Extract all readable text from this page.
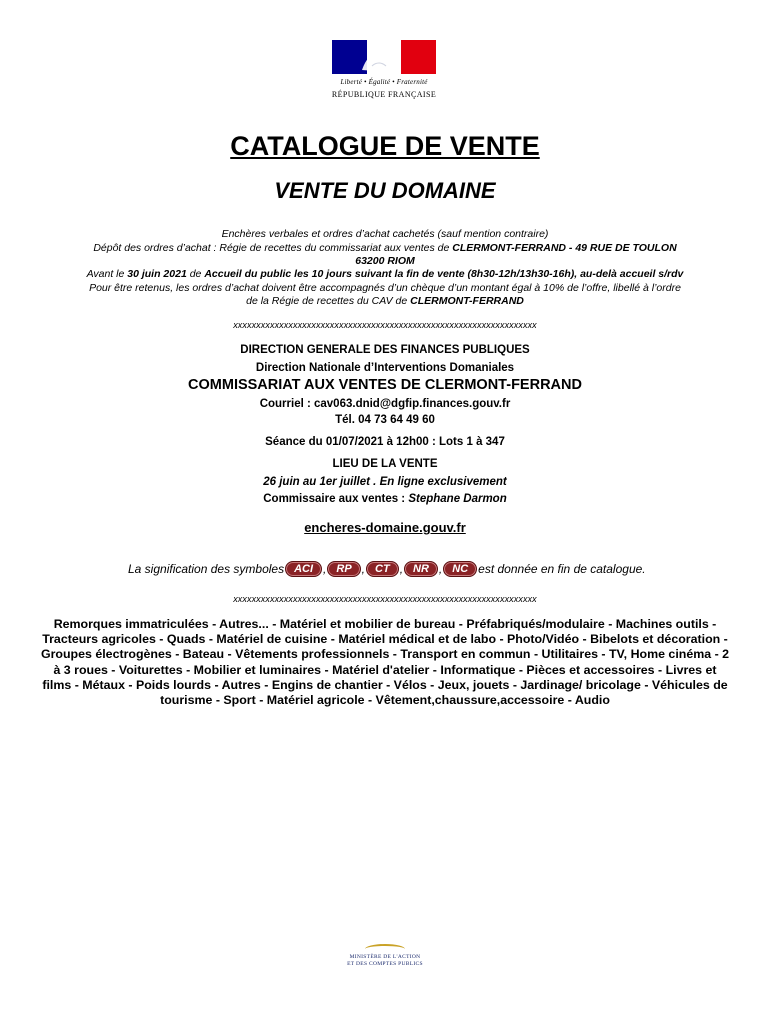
Liberté • Égalité • Fraternité
RÉPUBLIQUE FRANÇAISE
CATALOGUE DE VENTE
VENTE DU DOMAINE
Enchères verbales et ordres d’achat cachetés (sauf mention contraire)
Dépôt des ordres d’achat : Régie de recettes du commissariat aux ventes de CLERMONT-FERRAND - 49 RUE DE TOULON
63200 RIOM
Avant le 30 juin 2021 de Accueil du public les 10 jours suivant la fin de vente (8h30-12h/13h30-16h), au-delà accueil s/rdv
Pour être retenus, les ordres d’achat doivent être accompagnés d’un chèque d’un montant égal à 10% de l’offre, libellé à l’ordre
de la Régie de recettes du CAV de CLERMONT-FERRAND
xxxxxxxxxxxxxxxxxxxxxxxxxxxxxxxxxxxxxxxxxxxxxxxxxxxxxxxxxxxxxxxxxx
DIRECTION GENERALE DES FINANCES PUBLIQUES
Direction Nationale d’Interventions Domaniales
COMMISSARIAT AUX VENTES DE CLERMONT-FERRAND
Courriel : cav063.dnid@dgfip.finances.gouv.fr
Tél. 04 73 64 49 60
Séance du 01/07/2021 à 12h00 : Lots 1 à 347
LIEU DE LA VENTE
26 juin au 1er juillet . En ligne exclusivement
Commissaire aux ventes : Stephane Darmon
encheres-domaine.gouv.fr
La signification des symboles ACI , RP , CT , NR , NC est donnée en fin de catalogue.
xxxxxxxxxxxxxxxxxxxxxxxxxxxxxxxxxxxxxxxxxxxxxxxxxxxxxxxxxxxxxxxxxx
Remorques immatriculées - Autres... - Matériel et mobilier de bureau - Préfabriqués/modulaire - Machines outils - Tracteurs agricoles - Quads - Matériel de cuisine - Matériel médical et de labo - Photo/Vidéo - Bibelots et décoration - Groupes électrogènes - Bateau - Vêtements professionnels - Transport en commun - Utilitaires - TV, Home cinéma - 2 à 3 roues - Voiturettes - Mobilier et luminaires - Matériel d'atelier - Informatique - Pièces et accessoires - Livres et films - Métaux - Poids lourds - Autres - Engins de chantier - Vélos - Jeux, jouets - Jardinage/ bricolage - Véhicules de tourisme - Sport - Matériel agricole - Vêtement,chaussure,accessoire - Audio
MINISTÈRE DE L'ACTION
ET DES COMPTES PUBLICS
